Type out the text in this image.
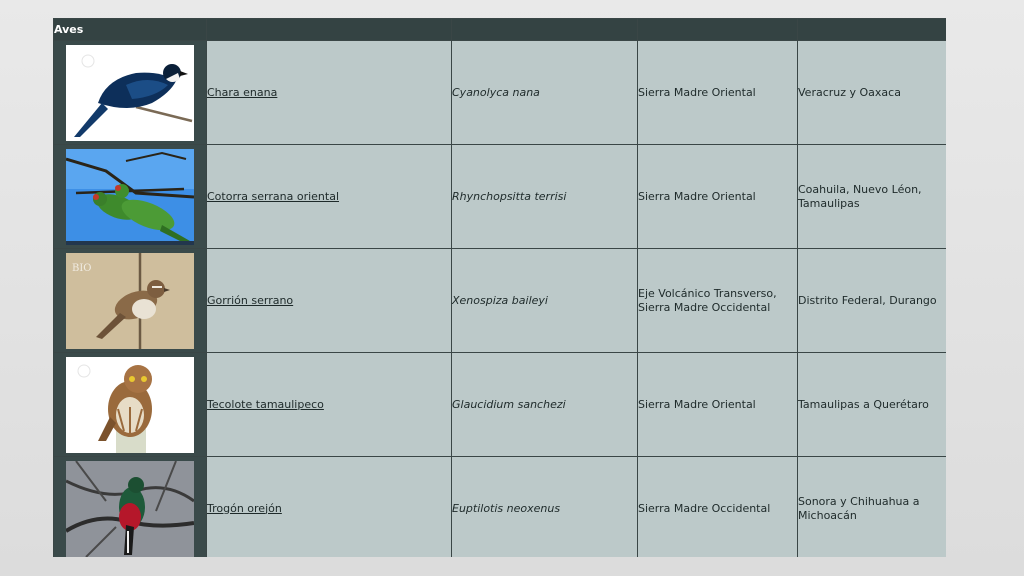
Aves				

	Chara enana	Cyanolyca nana	Sierra Madre Oriental	Veracruz y Oaxaca

	Cotorra serrana oriental	Rhynchopsitta terrisi	Sierra Madre Oriental	Coahuila, Nuevo Léon, Tamaulipas

BIO	Gorrión serrano	Xenospiza baileyi	Eje Volcánico Transverso, Sierra Madre Occidental	Distrito Federal, Durango

	Tecolote tamaulipeco	Glaucidium sanchezi	Sierra Madre Oriental	Tamaulipas a Querétaro

	Trogón orejón	Euptilotis neoxenus	Sierra Madre Occidental	Sonora y Chihuahua a Michoacán
